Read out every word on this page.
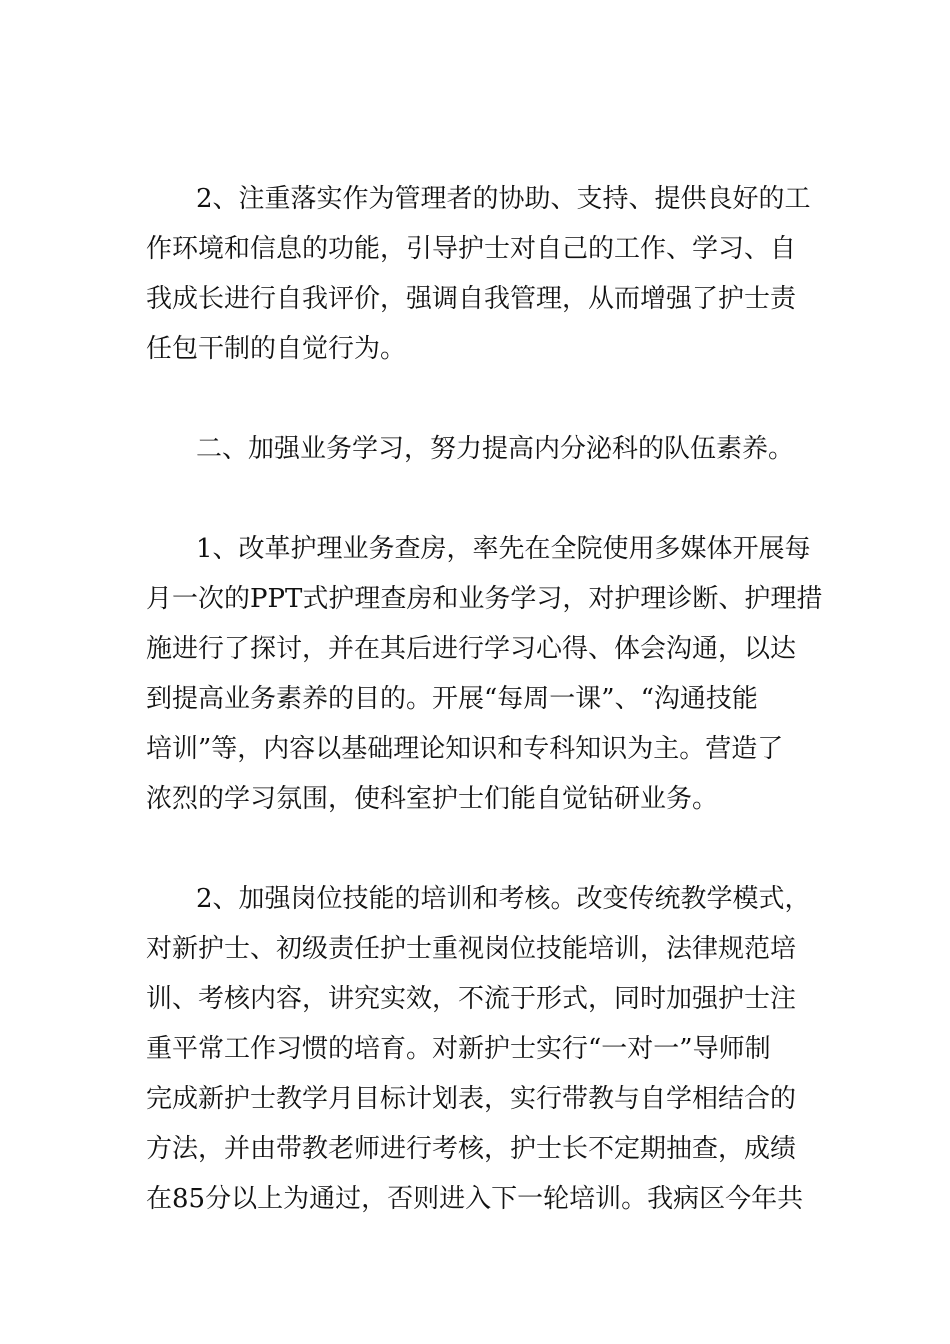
2、注重落实作为管理者的协助、支持、提供良好的工
作环境和信息的功能，引导护士对自己的工作、学习、自
我成长进行自我评价，强调自我管理，从而增强了护士责
任包干制的自觉行为。
二、加强业务学习，努力提高内分泌科的队伍素养。
1、改革护理业务查房，率先在全院使用多媒体开展每
月一次的PPT式护理查房和业务学习，对护理诊断、护理措
施进行了探讨，并在其后进行学习心得、体会沟通，以达
到提高业务素养的目的。开展“每周一课”、“沟通技能
培训”等，内容以基础理论知识和专科知识为主。营造了
浓烈的学习氛围，使科室护士们能自觉钻研业务。
2、加强岗位技能的培训和考核。改变传统教学模式，
对新护士、初级责任护士重视岗位技能培训，法律规范培
训、考核内容，讲究实效，不流于形式，同时加强护士注
重平常工作习惯的培育。对新护士实行“一对一”导师制
完成新护士教学月目标计划表，实行带教与自学相结合的
方法，并由带教老师进行考核，护士长不定期抽查，成绩
在85分以上为通过，否则进入下一轮培训。我病区今年共
